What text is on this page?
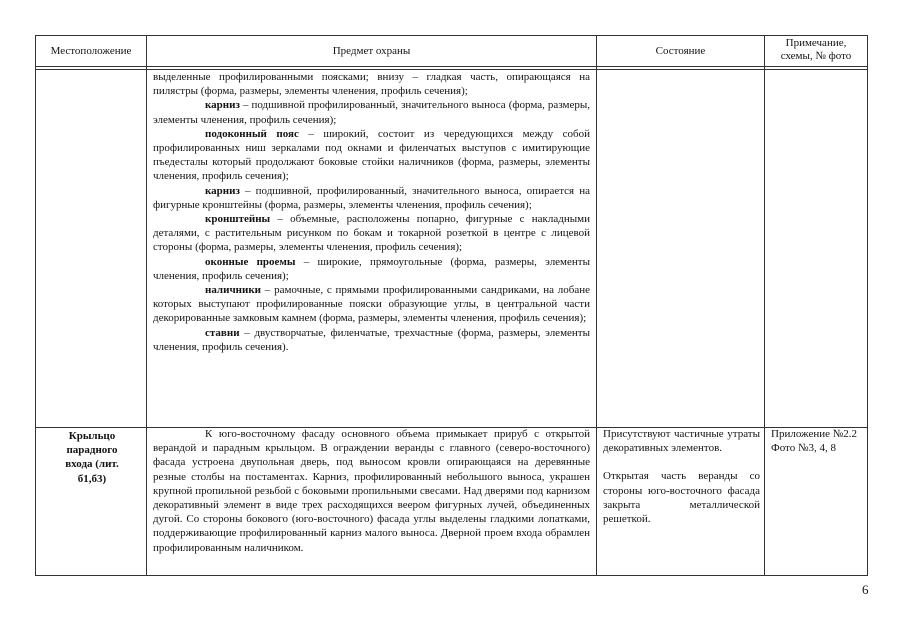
Местоположение	Предмет охраны	Состояние
Примечание,
схемы, № фото

выделенные профилированными поясками; внизу – гладкая часть, опирающаяся на пилястры (форма, размеры, элементы членения, профиль сечения);

карниз – подшивной профилированный, значительного выноса (форма, размеры, элементы членения, профиль сечения);

подоконный пояс – широкий, состоит из чередующихся между собой профилированных ниш зеркалами под окнами и филенчатых выступов с имитирующие пъедесталы который продолжают боковые стойки наличников (форма, размеры, элементы членения, профиль сечения);

карниз – подшивной, профилированный, значительного выноса, опирается на фигурные кронштейны (форма, размеры, элементы членения, профиль сечения);

кронштейны – объемные, расположены попарно, фигурные с накладными деталями, с растительным рисунком по бокам и токарной розеткой в центре с лицевой стороны (форма, размеры, элементы членения, профиль сечения);

оконные проемы – широкие, прямоугольные (форма, размеры, элементы членения, профиль сечения);

наличники – рамочные, с прямыми профилированными сандриками, на лобане которых выступают профилированные пояски образующие углы, в центральной части декорированные замковым камнем (форма, размеры, элементы членения, профиль сечения);

ставни – двустворчатые, филенчатые, трехчастные (форма, размеры, элементы членения, профиль сечения).

Крыльцо парадного входа (лит. б1,б3)

К юго-восточному фасаду основного объема примыкает прируб с открытой верандой и парадным крыльцом. В ограждении веранды с главного (северо-восточного) фасада устроена двупольная дверь, под выносом кровли опирающаяся на деревянные резные столбы на постаментах. Карниз, профилированный небольшого выноса, украшен крупной пропильной резьбой с боковыми пропильными свесами. Над дверями под карнизом декоративный элемент в виде трех расходящихся веером фигурных лучей, объединенных дугой. Со стороны бокового (юго-восточного) фасада углы выделены гладкими лопатками, поддерживающие профилированный карниз малого выноса. Дверной проем входа обрамлен профилированным наличником.

Присутствуют частичные утраты декоративных элементов.

Открытая часть веранды со стороны юго-восточного фасада закрыта металлической решеткой.

Приложение №2.2
Фото №3, 4, 8
6
